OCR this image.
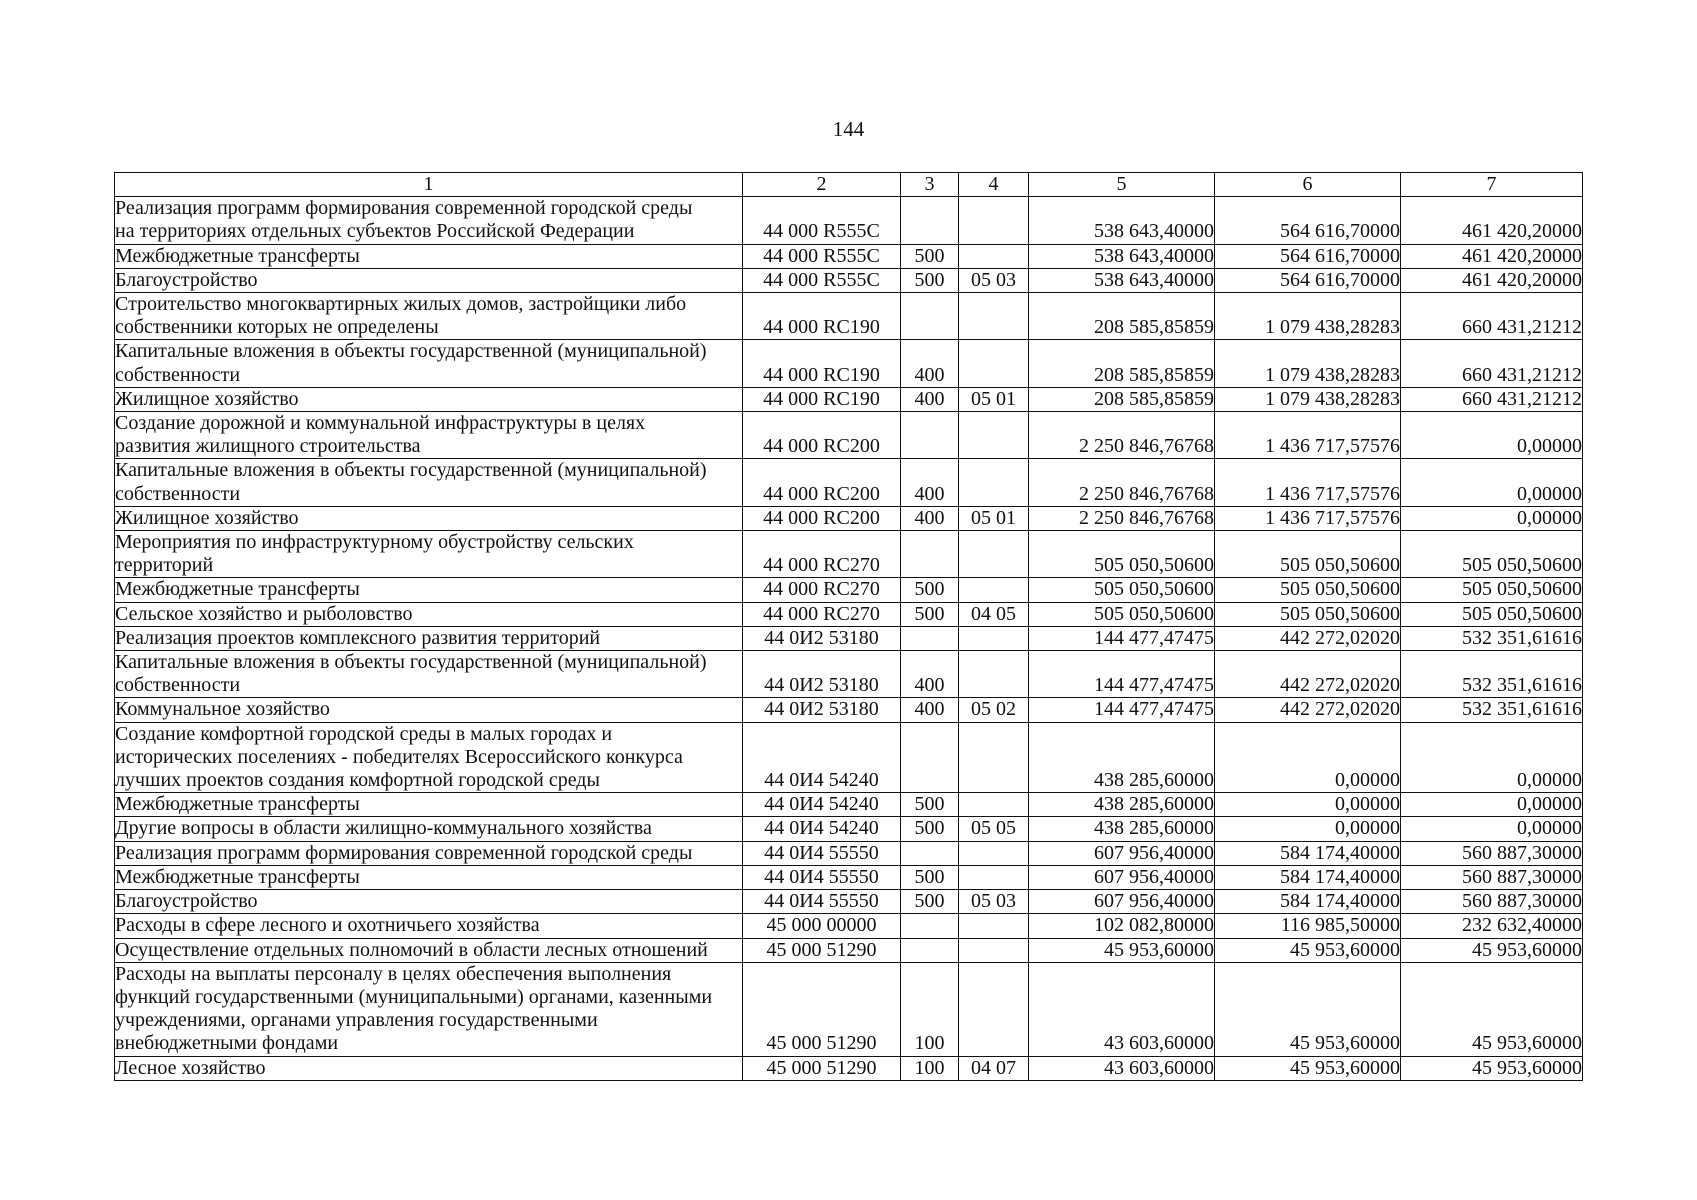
144
1	2	3	4	5	6	7
Реализация программ формирования современной городской среды
на территориях отдельных субъектов Российской Федерации	44 000 R555C			538 643,40000	564 616,70000	461 420,20000
Межбюджетные трансферты	44 000 R555C	500		538 643,40000	564 616,70000	461 420,20000
Благоустройство	44 000 R555C	500	05 03	538 643,40000	564 616,70000	461 420,20000
Строительство многоквартирных жилых домов, застройщики либо
собственники которых не определены	44 000 RC190			208 585,85859	1 079 438,28283	660 431,21212
Капитальные вложения в объекты государственной (муниципальной)
собственности	44 000 RC190	400		208 585,85859	1 079 438,28283	660 431,21212
Жилищное хозяйство	44 000 RC190	400	05 01	208 585,85859	1 079 438,28283	660 431,21212
Создание дорожной и коммунальной инфраструктуры в целях
развития жилищного строительства	44 000 RC200			2 250 846,76768	1 436 717,57576	0,00000
Капитальные вложения в объекты государственной (муниципальной)
собственности	44 000 RC200	400		2 250 846,76768	1 436 717,57576	0,00000
Жилищное хозяйство	44 000 RC200	400	05 01	2 250 846,76768	1 436 717,57576	0,00000
Мероприятия по инфраструктурному обустройству сельских
территорий	44 000 RC270			505 050,50600	505 050,50600	505 050,50600
Межбюджетные трансферты	44 000 RC270	500		505 050,50600	505 050,50600	505 050,50600
Сельское хозяйство и рыболовство	44 000 RC270	500	04 05	505 050,50600	505 050,50600	505 050,50600
Реализация проектов комплексного развития территорий	44 0И2 53180			144 477,47475	442 272,02020	532 351,61616
Капитальные вложения в объекты государственной (муниципальной)
собственности	44 0И2 53180	400		144 477,47475	442 272,02020	532 351,61616
Коммунальное хозяйство	44 0И2 53180	400	05 02	144 477,47475	442 272,02020	532 351,61616
Создание комфортной городской среды в малых городах и
исторических поселениях - победителях Всероссийского конкурса
лучших проектов создания комфортной городской среды	44 0И4 54240			438 285,60000	0,00000	0,00000
Межбюджетные трансферты	44 0И4 54240	500		438 285,60000	0,00000	0,00000
Другие вопросы в области жилищно-коммунального хозяйства	44 0И4 54240	500	05 05	438 285,60000	0,00000	0,00000
Реализация программ формирования современной городской среды	44 0И4 55550			607 956,40000	584 174,40000	560 887,30000
Межбюджетные трансферты	44 0И4 55550	500		607 956,40000	584 174,40000	560 887,30000
Благоустройство	44 0И4 55550	500	05 03	607 956,40000	584 174,40000	560 887,30000
Расходы в сфере лесного и охотничьего хозяйства	45 000 00000			102 082,80000	116 985,50000	232 632,40000
Осуществление отдельных полномочий в области лесных отношений	45 000 51290			45 953,60000	45 953,60000	45 953,60000
Расходы на выплаты персоналу в целях обеспечения выполнения
функций государственными (муниципальными) органами, казенными
учреждениями, органами управления государственными
внебюджетными фондами	45 000 51290	100		43 603,60000	45 953,60000	45 953,60000
Лесное хозяйство	45 000 51290	100	04 07	43 603,60000	45 953,60000	45 953,60000
